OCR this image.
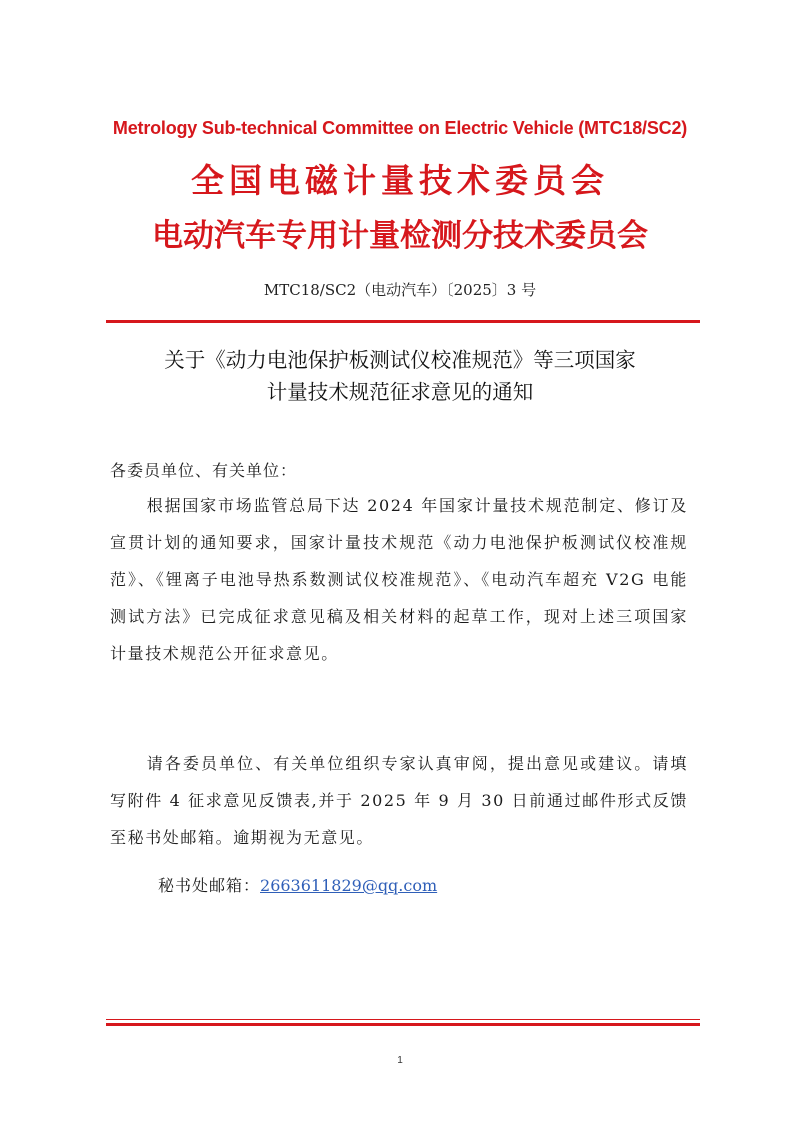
Metrology Sub-technical Committee on Electric Vehicle (MTC18/SC2)
全国电磁计量技术委员会
电动汽车专用计量检测分技术委员会
MTC18/SC2（电动汽车）〔2025〕3 号
关于《动力电池保护板测试仪校准规范》等三项国家
计量技术规范征求意见的通知
各委员单位、有关单位：
根据国家市场监管总局下达 2024 年国家计量技术规范制定、修订及宣贯计划的通知要求，国家计量技术规范《动力电池保护板测试仪校准规范》、《锂离子电池导热系数测试仪校准规范》、《电动汽车超充 V2G 电能测试方法》已完成征求意见稿及相关材料的起草工作，现对上述三项国家计量技术规范公开征求意见。
请各委员单位、有关单位组织专家认真审阅，提出意见或建议。请填写附件 4 征求意见反馈表,并于 2025 年 9 月 30 日前通过邮件形式反馈至秘书处邮箱。逾期视为无意见。
秘书处邮箱：2663611829@qq.com
1
